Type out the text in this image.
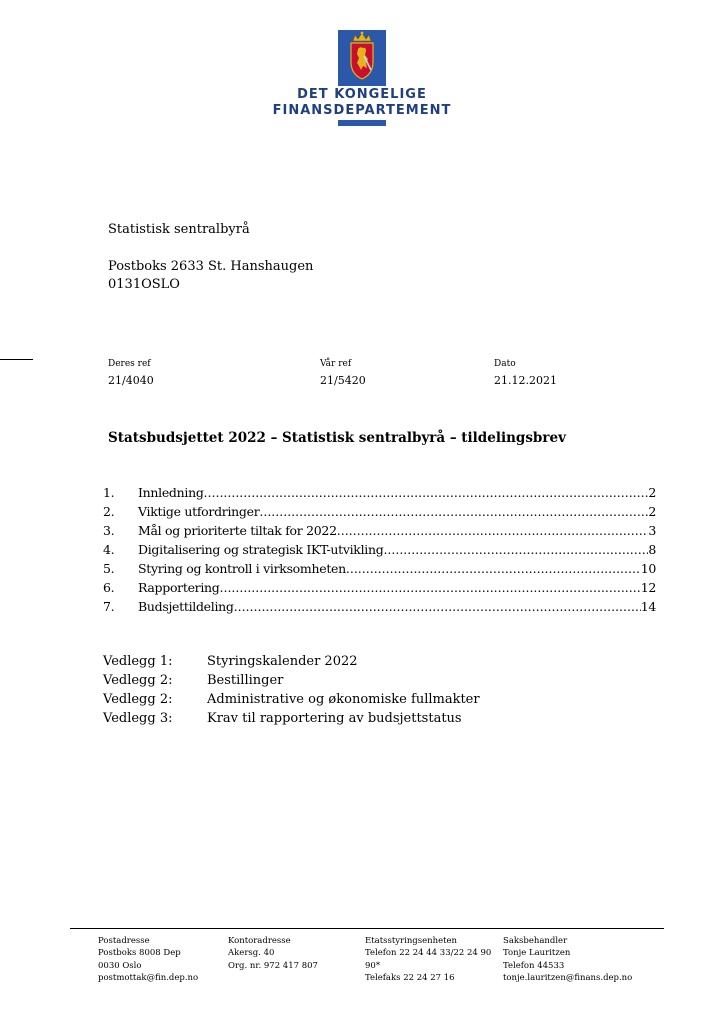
DET KONGELIGE
FINANSDEPARTEMENT
Statistisk sentralbyrå
Postboks 2633 St. Hanshaugen
0131OSLO
Deres ref
21/4040
Vår ref
21/5420
Dato
21.12.2021
Statsbudsjettet 2022 – Statistisk sentralbyrå – tildelingsbrev
1.	Innledning .....	2
2.	Viktige utfordringer .....	2
3.	Mål og prioriterte tiltak for 2022 .....	3
4.	Digitalisering og strategisk IKT-utvikling .....	8
5.	Styring og kontroll i virksomheten .....	10
6.	Rapportering .....	12
7.	Budsjettildeling .....	14
Vedlegg 1:	Styringskalender 2022
Vedlegg 2:	Bestillinger
Vedlegg 2:	Administrative og økonomiske fullmakter
Vedlegg 3:	Krav til rapportering av budsjettstatus
Postadresse
Postboks 8008 Dep
0030 Oslo
postmottak@fin.dep.no
Kontoradresse
Akersg. 40
Org. nr. 972 417 807
Etatsstyringsenheten
Telefon 22 24 44 33/22 24 90
90*
Telefaks 22 24 27 16
Saksbehandler
Tonje Lauritzen
Telefon 44533
tonje.lauritzen@finans.dep.no
